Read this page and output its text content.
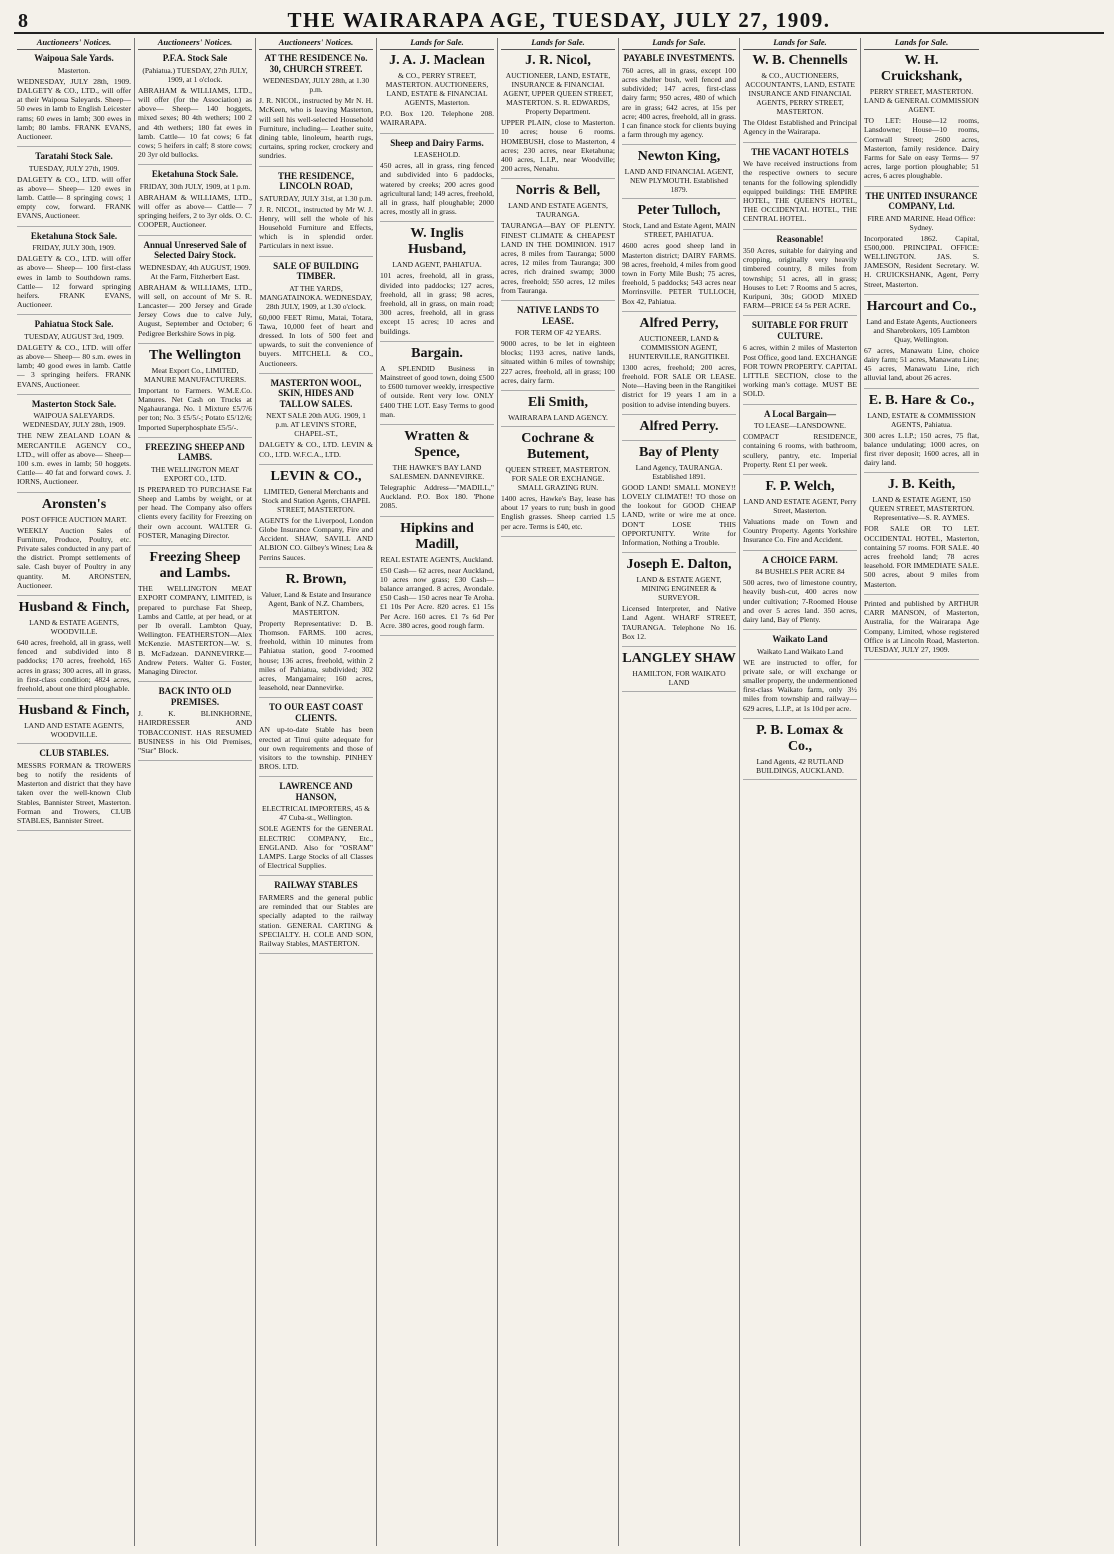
8	THE WAIRARAPA AGE, TUESDAY, JULY 27, 1909.
Auctioneers' Notices.
Waipoua Sale Yards.
Masterton.
WEDNESDAY, JULY 28th, 1909. DALGETY & CO., LTD., will offer at their Waipoua Saleyards. Sheep— 50 ewes in lamb to English Leicester rams; 60 ewes in lamb; 300 ewes in lamb; 80 lambs. FRANK EVANS, Auctioneer.
Taratahi Stock Sale.
TUESDAY, JULY 27th, 1909.
DALGETY & CO., LTD. will offer as above— Sheep— 120 ewes in lamb. Cattle— 8 springing cows; 1 empty cow, forward. FRANK EVANS, Auctioneer.
Eketahuna Stock Sale.
FRIDAY, JULY 30th, 1909.
DALGETY & CO., LTD. will offer as above— Sheep— 100 first-class ewes in lamb to Southdown rams. Cattle— 12 forward springing heifers. FRANK EVANS, Auctioneer.
Pahiatua Stock Sale.
TUESDAY, AUGUST 3rd, 1909.
DALGETY & CO., LTD. will offer as above— Sheep— 80 s.m. ewes in lamb; 40 good ewes in lamb. Cattle— 3 springing heifers. FRANK EVANS, Auctioneer.
Masterton Stock Sale.
WAIPOUA SALEYARDS. WEDNESDAY, JULY 28th, 1909.
THE NEW ZEALAND LOAN & MERCANTILE AGENCY CO., LTD., will offer as above— Sheep— 100 s.m. ewes in lamb; 50 hoggets. Cattle— 40 fat and forward cows. J. IORNS, Auctioneer.
Aronsten's
POST OFFICE AUCTION MART.
WEEKLY Auction Sales of Furniture, Produce, Poultry, etc. Private sales conducted in any part of the district. Prompt settlements of sale. Cash buyer of Poultry in any quantity. M. ARONSTEN, Auctioneer.
Husband & Finch,
LAND & ESTATE AGENTS, WOODVILLE.
640 acres, freehold, all in grass, well fenced and subdivided into 8 paddocks; 170 acres, freehold, 165 acres in grass; 300 acres, all in grass, in first-class condition; 4824 acres, freehold, about one third ploughable.
Husband & Finch,
LAND AND ESTATE AGENTS, WOODVILLE.
CLUB STABLES.
MESSRS FORMAN & TROWERS beg to notify the residents of Masterton and district that they have taken over the well-known Club Stables, Bannister Street, Masterton. Forman and Trowers, CLUB STABLES, Bannister Street.
Auctioneers' Notices.
P.F.A. Stock Sale
(Pahiatua.) TUESDAY, 27th JULY, 1909, at 1 o'clock.
ABRAHAM & WILLIAMS, LTD., will offer (for the Association) as above— Sheep— 140 hoggets, mixed sexes; 80 4th wethers; 100 2 and 4th wethers; 180 fat ewes in lamb. Cattle— 10 fat cows; 6 fat cows; 5 heifers in calf; 8 store cows; 20 3yr old bullocks.
Eketahuna Stock Sale.
FRIDAY, 30th JULY, 1909, at 1 p.m.
ABRAHAM & WILLIAMS, LTD., will offer as above— Cattle— 7 springing heifers, 2 to 3yr olds. O. C. COOPER, Auctioneer.
Annual Unreserved Sale of Selected Dairy Stock.
WEDNESDAY, 4th AUGUST, 1909. At the Farm, Fitzherbert East.
ABRAHAM & WILLIAMS, LTD., will sell, on account of Mr S. R. Lancaster— 200 Jersey and Grade Jersey Cows due to calve July, August, September and October; 6 Pedigree Berkshire Sows in pig.
The Wellington
Meat Export Co., LIMITED, MANURE MANUFACTURERS.
Important to Farmers. W.M.E.Co. Manures. Net Cash on Trucks at Ngahauranga. No. 1 Mixture £5/7/6 per ton; No. 3 £5/5/-; Potato £5/12/6; Imported Superphosphate £5/5/-.
FREEZING SHEEP AND LAMBS.
THE WELLINGTON MEAT EXPORT CO., LTD.
IS PREPARED TO PURCHASE Fat Sheep and Lambs by weight, or at per head. The Company also offers clients every facility for Freezing on their own account. WALTER G. FOSTER, Managing Director.
Freezing Sheep and Lambs.
THE WELLINGTON MEAT EXPORT COMPANY, LIMITED, is prepared to purchase Fat Sheep, Lambs and Cattle, at per head, or at per lb overall. Lambton Quay, Wellington. FEATHERSTON—Alex McKenzie. MASTERTON—W. S. B. McFadzean. DANNEVIRKE—Andrew Peters. Walter G. Foster, Managing Director.
BACK INTO OLD PREMISES.
J. K. BLINKHORNE, HAIRDRESSER AND TOBACCONIST. HAS RESUMED BUSINESS in his Old Premises, "Star" Block.
Auctioneers' Notices.
AT THE RESIDENCE No. 30, CHURCH STREET.
WEDNESDAY, JULY 28th, at 1.30 p.m.
J. R. NICOL, instructed by Mr N. H. McKeen, who is leaving Masterton, will sell his well-selected Household Furniture, including— Leather suite, dining table, linoleum, hearth rugs, curtains, spring rocker, crockery and sundries.
THE RESIDENCE, LINCOLN ROAD,
SATURDAY, JULY 31st, at 1.30 p.m.
J. R. NICOL, instructed by Mr W. J. Henry, will sell the whole of his Household Furniture and Effects, which is in splendid order. Particulars in next issue.
SALE OF BUILDING TIMBER.
AT THE YARDS, MANGATAINOKA. WEDNESDAY, 28th JULY, 1909, at 1.30 o'clock.
60,000 FEET Rimu, Matai, Totara, Tawa, 10,000 feet of heart and dressed. In lots of 500 feet and upwards, to suit the convenience of buyers. MITCHELL & CO., Auctioneers.
MASTERTON WOOL, SKIN, HIDES AND TALLOW SALES.
NEXT SALE 20th AUG. 1909, 1 p.m. AT LEVIN'S STORE, CHAPEL-ST.,
DALGETY & CO., LTD. LEVIN & CO., LTD. W.F.C.A., LTD.
LEVIN & CO.,
LIMITED, General Merchants and Stock and Station Agents, CHAPEL STREET, MASTERTON.
AGENTS for the Liverpool, London Globe Insurance Company, Fire and Accident. SHAW, SAVILL AND ALBION CO. Gilbey's Wines; Lea & Perrins Sauces.
R. Brown,
Valuer, Land & Estate and Insurance Agent, Bank of N.Z. Chambers, MASTERTON.
Property Representative: D. B. Thomson. FARMS. 100 acres, freehold, within 10 minutes from Pahiatua station, good 7-roomed house; 136 acres, freehold, within 2 miles of Pahiatua, subdivided; 302 acres, Mangamaire; 160 acres, leasehold, near Dannevirke.
TO OUR EAST COAST CLIENTS.
AN up-to-date Stable has been erected at Tinui quite adequate for our own requirements and those of visitors to the township. PINHEY BROS. LTD.
LAWRENCE AND HANSON,
ELECTRICAL IMPORTERS, 45 & 47 Cuba-st., Wellington.
SOLE AGENTS for the GENERAL ELECTRIC COMPANY, Etc., ENGLAND. Also for "OSRAM" LAMPS. Large Stocks of all Classes of Electrical Supplies.
RAILWAY STABLES
FARMERS and the general public are reminded that our Stables are specially adapted to the railway station. GENERAL CARTING & SPECIALTY. H. COLE AND SON, Railway Stables, MASTERTON.
Lands for Sale.
J. A. J. Maclean
& CO., PERRY STREET, MASTERTON. AUCTIONEERS, LAND, ESTATE & FINANCIAL AGENTS, Masterton.
P.O. Box 120. Telephone 208. WAIRARAPA.
Sheep and Dairy Farms.
LEASEHOLD.
450 acres, all in grass, ring fenced and subdivided into 6 paddocks, watered by creeks; 200 acres good agricultural land; 149 acres, freehold, all in grass, half ploughable; 2000 acres, mostly all in grass.
W. Inglis Husband,
LAND AGENT, PAHIATUA.
101 acres, freehold, all in grass, divided into paddocks; 127 acres, freehold, all in grass; 98 acres, freehold, all in grass, on main road; 300 acres, freehold, all in grass except 15 acres; 10 acres and buildings.
Bargain.
A SPLENDID Business in Mainstreet of good town, doing £500 to £600 turnover weekly, irrespective of outside. Rent very low. ONLY £400 THE LOT. Easy Terms to good man.
Wratten & Spence,
THE HAWKE'S BAY LAND SALESMEN. DANNEVIRKE.
Telegraphic Address—"MADILL," Auckland. P.O. Box 180. 'Phone 2085.
Hipkins and Madill,
REAL ESTATE AGENTS, Auckland.
£50 Cash— 62 acres, near Auckland, 10 acres now grass; £30 Cash—balance arranged. 8 acres, Avondale. £50 Cash— 150 acres near Te Aroha. £1 10s Per Acre. 820 acres. £1 15s Per Acre. 160 acres. £1 7s 6d Per Acre. 380 acres, good rough farm.
Lands for Sale.
J. R. Nicol,
AUCTIONEER, LAND, ESTATE, INSURANCE & FINANCIAL AGENT, UPPER QUEEN STREET, MASTERTON. S. R. EDWARDS, Property Department.
UPPER PLAIN, close to Masterton. 10 acres; house 6 rooms. HOMEBUSH, close to Masterton, 4 acres; 230 acres, near Eketahuna; 400 acres, L.I.P., near Woodville; 200 acres, Nenahu.
Norris & Bell,
LAND AND ESTATE AGENTS, TAURANGA.
TAURANGA—BAY OF PLENTY. FINEST CLIMATE & CHEAPEST LAND IN THE DOMINION. 1917 acres, 8 miles from Tauranga; 5000 acres, 12 miles from Tauranga; 300 acres, rich drained swamp; 3000 acres, freehold; 550 acres, 12 miles from Tauranga.
NATIVE LANDS TO LEASE.
FOR TERM OF 42 YEARS.
9000 acres, to be let in eighteen blocks; 1193 acres, native lands, situated within 6 miles of township; 227 acres, freehold, all in grass; 100 acres, dairy farm.
Eli Smith,
WAIRARAPA LAND AGENCY.
Cochrane & Butement,
QUEEN STREET, MASTERTON. FOR SALE OR EXCHANGE. SMALL GRAZING RUN.
1400 acres, Hawke's Bay, lease has about 17 years to run; bush in good English grasses. Sheep carried 1.5 per acre. Terms is £40, etc.
Lands for Sale.
PAYABLE INVESTMENTS.
760 acres, all in grass, except 100 acres shelter bush, well fenced and subdivided; 147 acres, first-class dairy farm; 950 acres, 480 of which are in grass; 642 acres, at 15s per acre; 400 acres, freehold, all in grass. I can finance stock for clients buying a farm through my agency.
Newton King,
LAND AND FINANCIAL AGENT, NEW PLYMOUTH. Established 1879.
Peter Tulloch,
Stock, Land and Estate Agent, MAIN STREET, PAHIATUA.
4600 acres good sheep land in Masterton district; DAIRY FARMS. 98 acres, freehold, 4 miles from good town in Forty Mile Bush; 75 acres, freehold, 5 paddocks; 543 acres near Morrinsville. PETER TULLOCH, Box 42, Pahiatua.
Alfred Perry,
AUCTIONEER, LAND & COMMISSION AGENT, HUNTERVILLE, RANGITIKEI.
1300 acres, freehold; 200 acres, freehold. FOR SALE OR LEASE. Note—Having been in the Rangitikei district for 19 years I am in a position to advise intending buyers.
Alfred Perry.
Bay of Plenty
Land Agency, TAURANGA. Established 1891.
GOOD LAND! SMALL MONEY!! LOVELY CLIMATE!! TO those on the lookout for GOOD CHEAP LAND, write or wire me at once. DON'T LOSE THIS OPPORTUNITY. Write for Information, Nothing a Trouble.
Joseph E. Dalton,
LAND & ESTATE AGENT, MINING ENGINEER & SURVEYOR.
Licensed Interpreter, and Native Land Agent. WHARF STREET, TAURANGA. Telephone No 16. Box 12.
LANGLEY SHAW
HAMILTON, FOR WAIKATO LAND
Lands for Sale.
W. B. Chennells
& CO., AUCTIONEERS, ACCOUNTANTS, LAND, ESTATE INSURANCE AND FINANCIAL AGENTS, PERRY STREET, MASTERTON.
The Oldest Established and Principal Agency in the Wairarapa.
THE VACANT HOTELS
We have received instructions from the respective owners to secure tenants for the following splendidly equipped buildings: THE EMPIRE HOTEL, THE QUEEN'S HOTEL, THE OCCIDENTAL HOTEL, THE CENTRAL HOTEL.
Reasonable!
350 Acres, suitable for dairying and cropping, originally very heavily timbered country, 8 miles from township; 51 acres, all in grass; Houses to Let: 7 Rooms and 5 acres, Kuripuni, 30s; GOOD MIXED FARM—PRICE £4 5s PER ACRE.
SUITABLE FOR FRUIT CULTURE.
6 acres, within 2 miles of Masterton Post Office, good land. EXCHANGE FOR TOWN PROPERTY. CAPITAL LITTLE SECTION, close to the working man's cottage. MUST BE SOLD.
A Local Bargain—
TO LEASE—LANSDOWNE.
COMPACT RESIDENCE, containing 6 rooms, with bathroom, scullery, pantry, etc. Imperial Property. Rent £1 per week.
F. P. Welch,
LAND AND ESTATE AGENT, Perry Street, Masterton.
Valuations made on Town and Country Property. Agents Yorkshire Insurance Co. Fire and Accident.
A CHOICE FARM.
84 BUSHELS PER ACRE 84
500 acres, two of limestone country, heavily bush-cut, 400 acres now under cultivation; 7-Roomed House and over 5 acres land. 350 acres, dairy land, Bay of Plenty.
Waikato Land
Waikato Land Waikato Land
WE are instructed to offer, for private sale, or will exchange or smaller property, the undermentioned first-class Waikato farm, only 3½ miles from township and railway— 629 acres, L.I.P., at 1s 10d per acre.
P. B. Lomax & Co.,
Land Agents, 42 RUTLAND BUILDINGS, AUCKLAND.
Lands for Sale.
W. H. Cruickshank,
PERRY STREET, MASTERTON. LAND & GENERAL COMMISSION AGENT.
TO LET: House—12 rooms, Lansdowne; House—10 rooms, Cornwall Street; 2600 acres, Masterton, family residence. Dairy Farms for Sale on easy Terms— 97 acres, large portion ploughable; 51 acres, 6 acres ploughable.
THE UNITED INSURANCE COMPANY, Ltd.
FIRE AND MARINE. Head Office: Sydney.
Incorporated 1862. Capital, £500,000. PRINCIPAL OFFICE: WELLINGTON. JAS. S. JAMESON, Resident Secretary. W. H. CRUICKSHANK, Agent, Perry Street, Masterton.
Harcourt and Co.,
Land and Estate Agents, Auctioneers and Sharebrokers, 105 Lambton Quay, Wellington.
67 acres, Manawatu Line, choice dairy farm; 51 acres, Manawatu Line; 45 acres, Manawatu Line, rich alluvial land, about 26 acres.
E. B. Hare & Co.,
LAND, ESTATE & COMMISSION AGENTS, Pahiatua.
300 acres L.I.P.; 150 acres, 75 flat, balance undulating; 1000 acres, on first river deposit; 1600 acres, all in dairy land.
J. B. Keith,
LAND & ESTATE AGENT, 150 QUEEN STREET, MASTERTON. Representative—S. R. AYMES.
FOR SALE OR TO LET. OCCIDENTAL HOTEL, Masterton, containing 57 rooms. FOR SALE. 40 acres freehold land; 78 acres leasehold. FOR IMMEDIATE SALE. 500 acres, about 9 miles from Masterton.
Printed and published by ARTHUR CARR MANSON, of Masterton, Australia, for the Wairarapa Age Company, Limited, whose registered Office is at Lincoln Road, Masterton. TUESDAY, JULY 27, 1909.
